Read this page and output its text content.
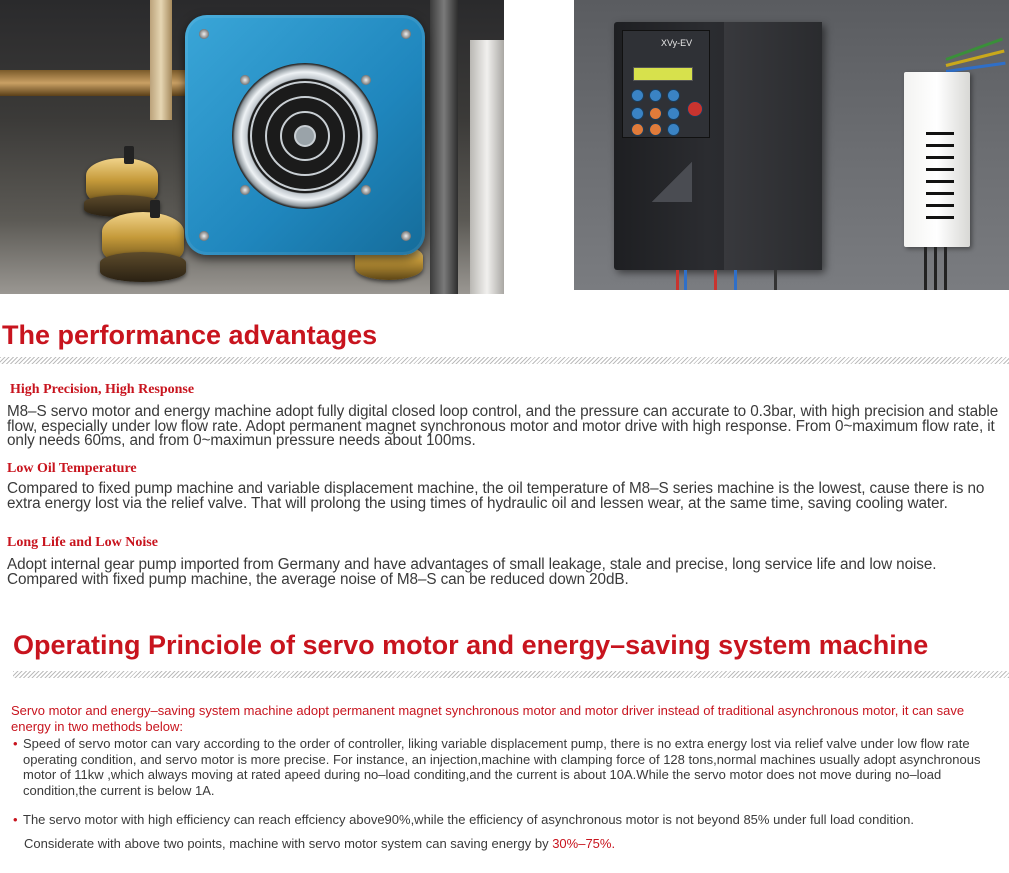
XVy-EV
The performance advantages
High Precision, High Response

M8–S servo motor and energy machine adopt fully digital closed loop control, and the pressure can accurate to 0.3bar, with high precision and stable flow, especially under low flow rate. Adopt permanent magnet synchronous motor and motor drive with high response. From 0~maximum flow rate, it only needs 60ms, and from 0~maximun pressure needs about 100ms.

Low Oil Temperature

Compared to fixed pump machine and variable displacement machine, the oil temperature of M8–S series machine is the lowest, cause there is no extra energy lost via the relief valve. That will prolong the using times of hydraulic oil and lessen wear, at the same time, saving cooling water.

Long Life and Low Noise

Adopt internal gear pump imported from Germany and have advantages of small leakage, stale and precise, long service life and low noise. Compared with fixed pump machine, the average noise of M8–S can be reduced down 20dB.

Operating Princiole of servo motor and energy–saving system machine

Servo motor and energy–saving system machine adopt permanent magnet synchronous motor and motor driver instead of traditional asynchronous motor, it can save energy in two methods below:

• Speed of servo motor can vary according to the order of controller, liking variable displacement pump, there is no extra energy lost via relief valve under low flow rate operating condition, and servo motor is more precise. For instance, an injection,machine with clamping force of 128 tons,normal machines usually adopt asynchronous motor of 11kw ,which always moving at rated apeed during no–load conditing,and the current is about 10A.While the servo motor does not move during no–load condition,the current is below 1A.
• The servo motor with high efficiency can reach effciency above90%,while the efficiency of asynchronous motor is not beyond 85% under full load condition.

Considerate with above two points, machine with servo motor system can saving energy by 30%–75%.
